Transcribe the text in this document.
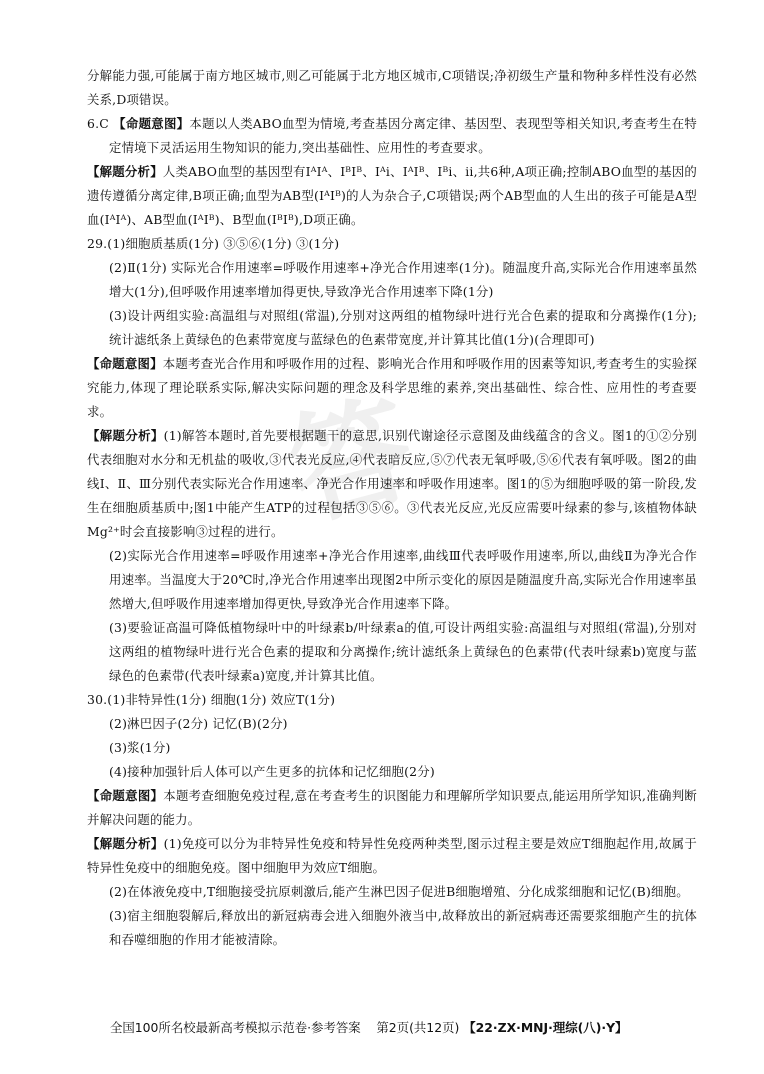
答

分解能力强,可能属于南方地区城市,则乙可能属于北方地区城市,C项错误;净初级生产量和物种多样性没有必然关系,D项错误。

6.C 【命题意图】本题以人类ABO血型为情境,考查基因分离定律、基因型、表现型等相关知识,考查考生在特定情境下灵活运用生物知识的能力,突出基础性、应用性的考查要求。

【解题分析】人类ABO血型的基因型有IᴬIᴬ、IᴮIᴮ、Iᴬi、IᴬIᴮ、Iᴮi、ii,共6种,A项正确;控制ABO血型的基因的遗传遵循分离定律,B项正确;血型为AB型(IᴬIᴮ)的人为杂合子,C项错误;两个AB型血的人生出的孩子可能是A型血(IᴬIᴬ)、AB型血(IᴬIᴮ)、B型血(IᴮIᴮ),D项正确。

29.(1)细胞质基质(1分) ③⑤⑥(1分) ③(1分)

(2)Ⅱ(1分) 实际光合作用速率=呼吸作用速率+净光合作用速率(1分)。随温度升高,实际光合作用速率虽然增大(1分),但呼吸作用速率增加得更快,导致净光合作用速率下降(1分)

(3)设计两组实验:高温组与对照组(常温),分别对这两组的植物绿叶进行光合色素的提取和分离操作(1分);统计滤纸条上黄绿色的色素带宽度与蓝绿色的色素带宽度,并计算其比值(1分)(合理即可)

【命题意图】本题考查光合作用和呼吸作用的过程、影响光合作用和呼吸作用的因素等知识,考查考生的实验探究能力,体现了理论联系实际,解决实际问题的理念及科学思维的素养,突出基础性、综合性、应用性的考查要求。

【解题分析】(1)解答本题时,首先要根据题干的意思,识别代谢途径示意图及曲线蕴含的含义。图1的①②分别代表细胞对水分和无机盐的吸收,③代表光反应,④代表暗反应,⑤⑦代表无氧呼吸,⑤⑥代表有氧呼吸。图2的曲线Ⅰ、Ⅱ、Ⅲ分别代表实际光合作用速率、净光合作用速率和呼吸作用速率。图1的⑤为细胞呼吸的第一阶段,发生在细胞质基质中;图1中能产生ATP的过程包括③⑤⑥。③代表光反应,光反应需要叶绿素的参与,该植物体缺Mg²⁺时会直接影响③过程的进行。

(2)实际光合作用速率=呼吸作用速率+净光合作用速率,曲线Ⅲ代表呼吸作用速率,所以,曲线Ⅱ为净光合作用速率。当温度大于20℃时,净光合作用速率出现图2中所示变化的原因是随温度升高,实际光合作用速率虽然增大,但呼吸作用速率增加得更快,导致净光合作用速率下降。

(3)要验证高温可降低植物绿叶中的叶绿素b/叶绿素a的值,可设计两组实验:高温组与对照组(常温),分别对这两组的植物绿叶进行光合色素的提取和分离操作;统计滤纸条上黄绿色的色素带(代表叶绿素b)宽度与蓝绿色的色素带(代表叶绿素a)宽度,并计算其比值。

30.(1)非特异性(1分) 细胞(1分) 效应T(1分)

(2)淋巴因子(2分) 记忆(B)(2分)

(3)浆(1分)

(4)接种加强针后人体可以产生更多的抗体和记忆细胞(2分)

【命题意图】本题考查细胞免疫过程,意在考查考生的识图能力和理解所学知识要点,能运用所学知识,准确判断并解决问题的能力。

【解题分析】(1)免疫可以分为非特异性免疫和特异性免疫两种类型,图示过程主要是效应T细胞起作用,故属于特异性免疫中的细胞免疫。图中细胞甲为效应T细胞。

(2)在体液免疫中,T细胞接受抗原刺激后,能产生淋巴因子促进B细胞增殖、分化成浆细胞和记忆(B)细胞。

(3)宿主细胞裂解后,释放出的新冠病毒会进入细胞外液当中,故释放出的新冠病毒还需要浆细胞产生的抗体和吞噬细胞的作用才能被清除。

全国100所名校最新高考模拟示范卷·参考答案 第2页(共12页) 【22·ZX·MNJ·理综(八)·Y】
